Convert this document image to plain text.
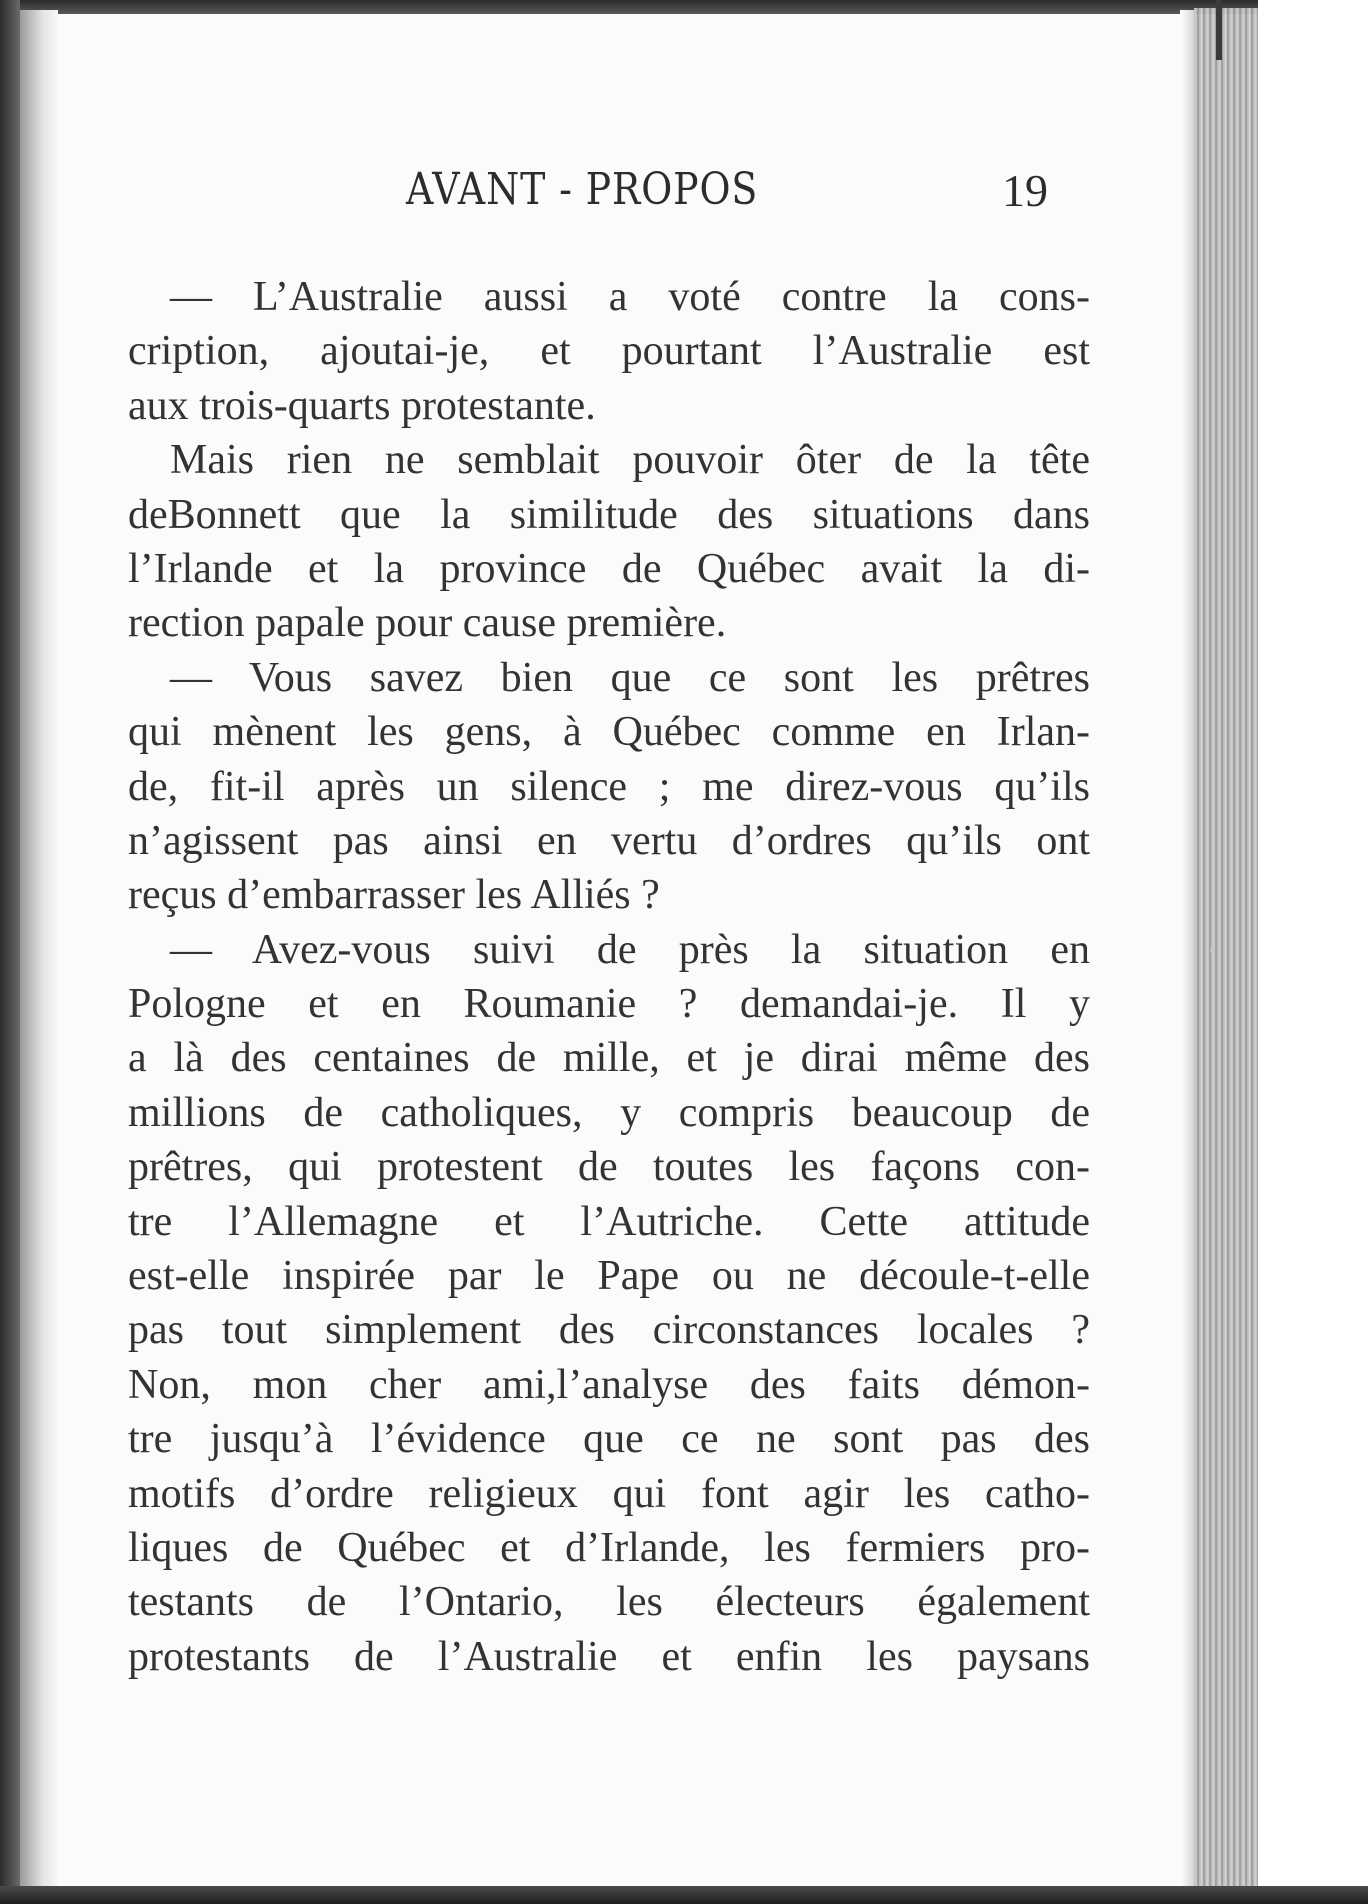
AVANT - PROPOS	19
— L’Australie aussi a voté contre la cons-
cription, ajoutai-je, et pourtant l’Australie est
aux trois-quarts protestante.
Mais rien ne semblait pouvoir ôter de la tête
deBonnett que la similitude des situations dans
l’Irlande et la province de Québec avait la di-
rection papale pour cause première.
— Vous savez bien que ce sont les prêtres
qui mènent les gens, à Québec comme en Irlan-
de, fit-il après un silence ; me direz-vous qu’ils
n’agissent pas ainsi en vertu d’ordres qu’ils ont
reçus d’embarrasser les Alliés ?
— Avez-vous suivi de près la situation en
Pologne et en Roumanie ? demandai-je. Il y
a là des centaines de mille, et je dirai même des
millions de catholiques, y compris beaucoup de
prêtres, qui protestent de toutes les façons con-
tre l’Allemagne et l’Autriche. Cette attitude
est-elle inspirée par le Pape ou ne découle-t-elle
pas tout simplement des circonstances locales ?
Non, mon cher ami,l’analyse des faits démon-
tre jusqu’à l’évidence que ce ne sont pas des
motifs d’ordre religieux qui font agir les catho-
liques de Québec et d’Irlande, les fermiers pro-
testants de l’Ontario, les électeurs également
protestants de l’Australie et enfin les paysans
